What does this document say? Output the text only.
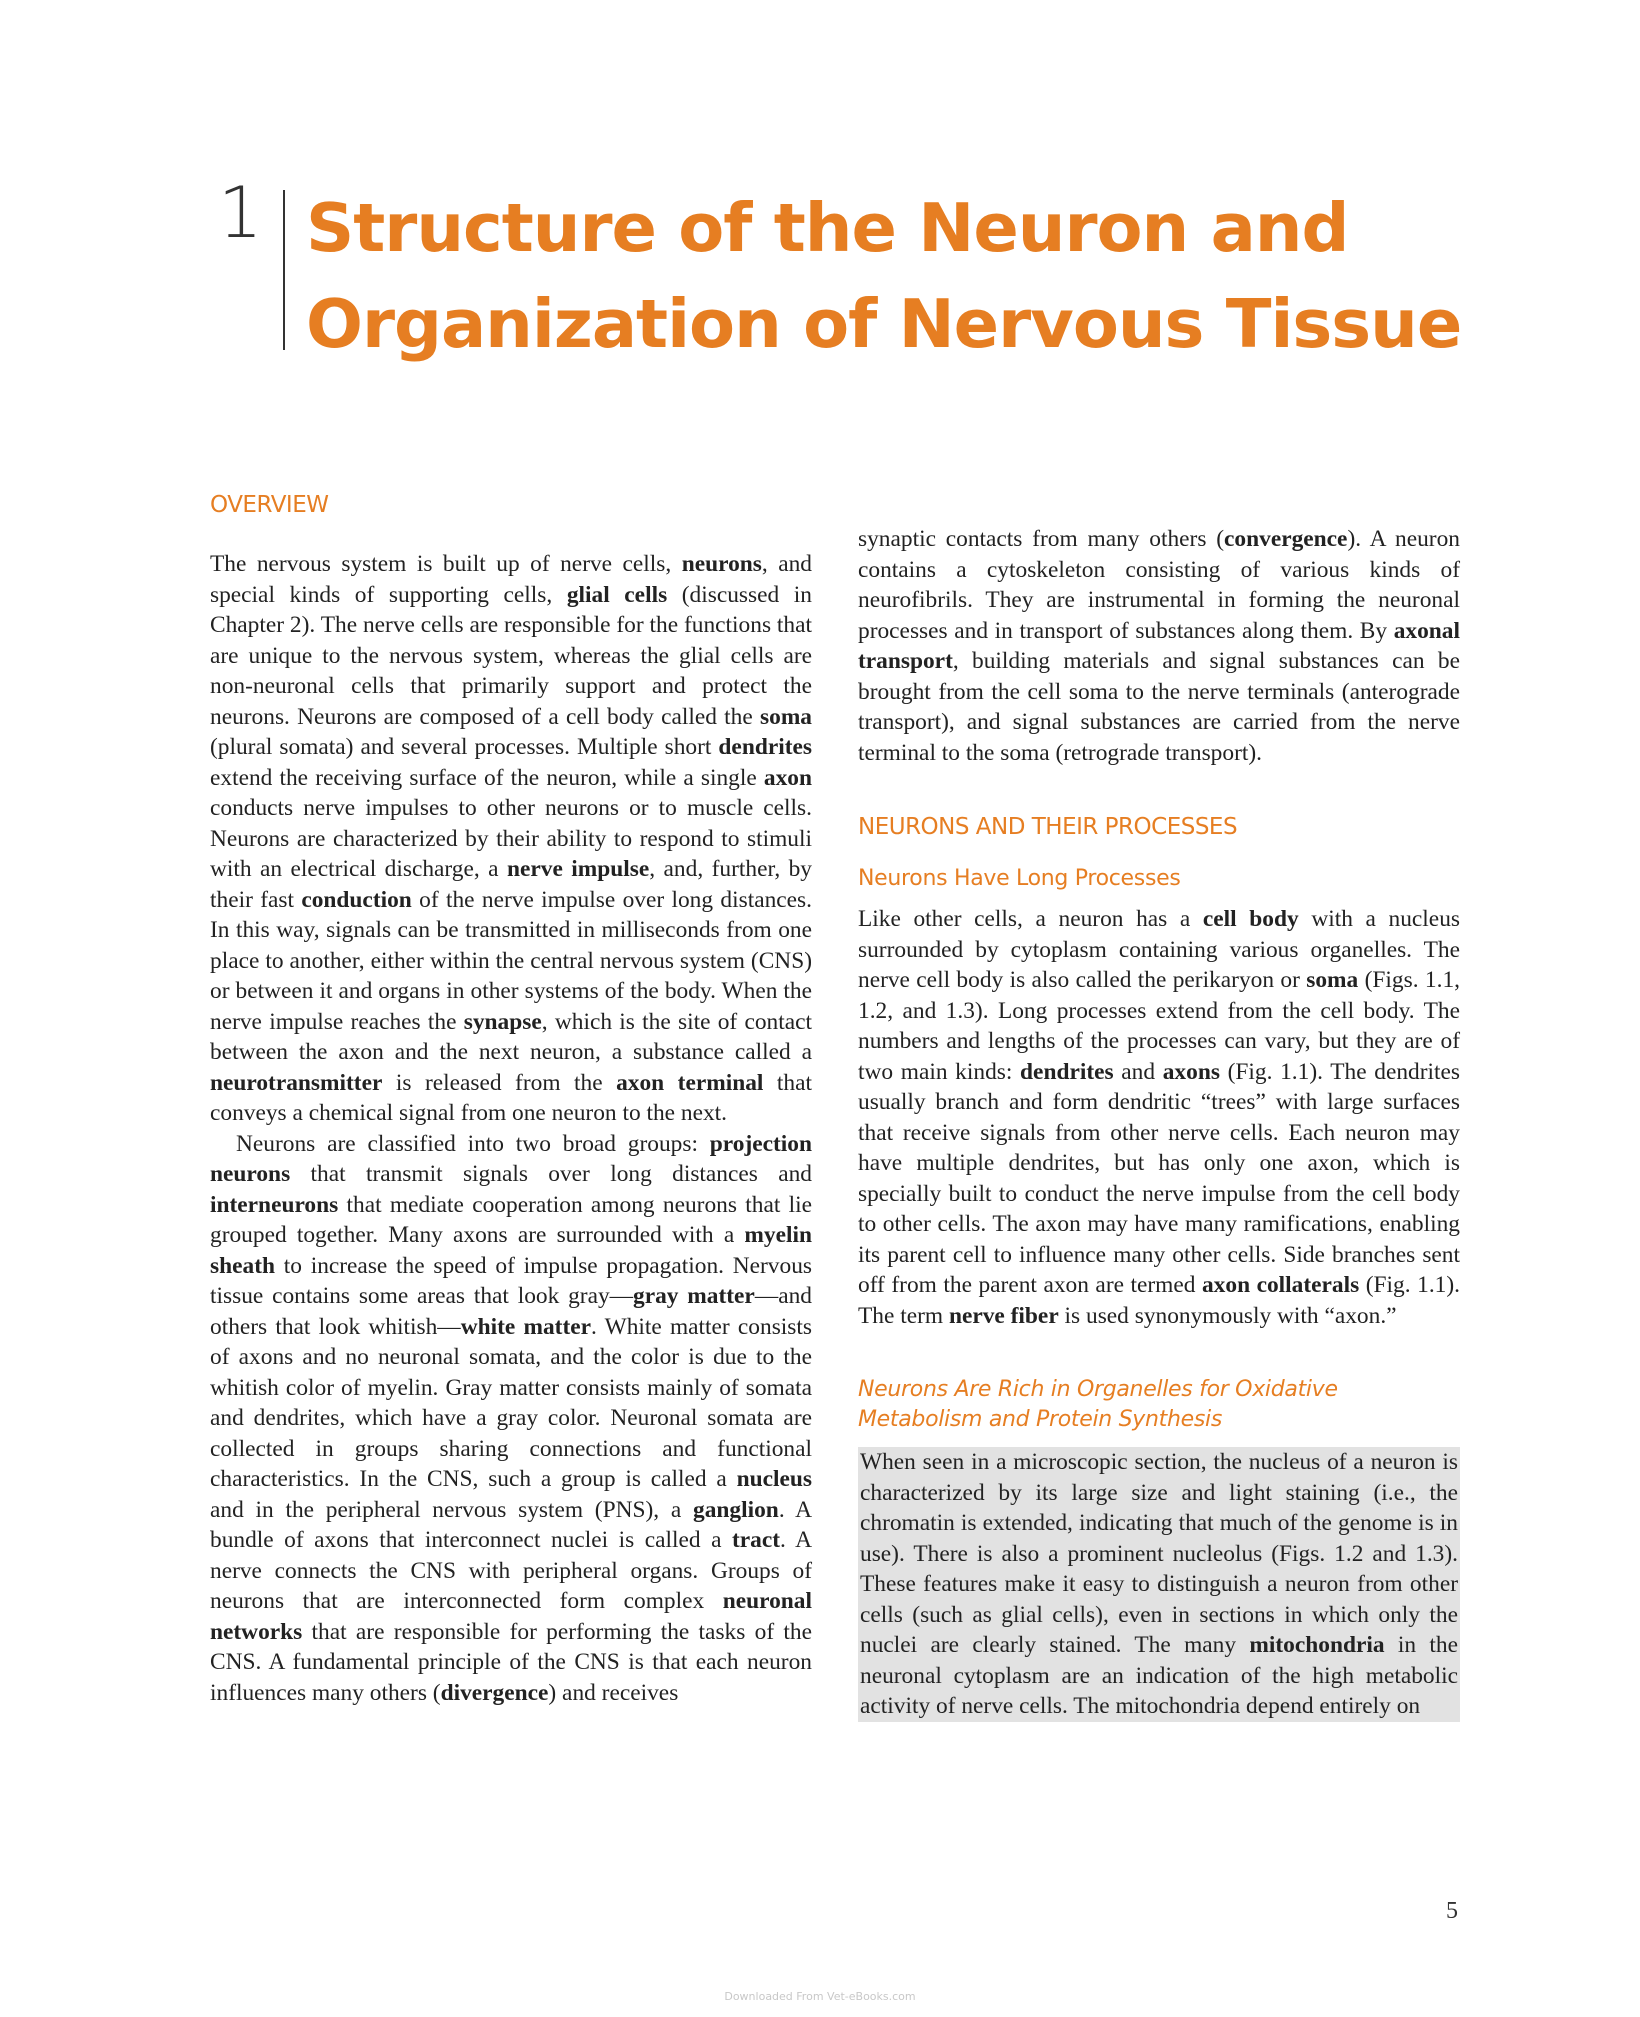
1 Structure of the Neuron and
Organization of Nervous Tissue
OVERVIEW

The nervous system is built up of nerve cells, neurons, and special kinds of supporting cells, glial cells (discussed in Chapter 2). The nerve cells are responsible for the functions that are unique to the nervous system, whereas the glial cells are non-neuronal cells that primarily support and protect the neurons. Neurons are composed of a cell body called the soma (plural somata) and several processes. Multiple short dendrites extend the receiving surface of the neuron, while a single axon conducts nerve impulses to other neurons or to muscle cells. Neurons are characterized by their ability to respond to stimuli with an electrical discharge, a nerve impulse, and, further, by their fast conduction of the nerve impulse over long distances. In this way, signals can be transmitted in milliseconds from one place to another, either within the central nervous system (CNS) or between it and organs in other systems of the body. When the nerve impulse reaches the synapse, which is the site of contact between the axon and the next neuron, a substance called a neurotransmitter is released from the axon terminal that conveys a chemical signal from one neuron to the next.

Neurons are classified into two broad groups: projection neurons that transmit signals over long distances and interneurons that mediate cooperation among neurons that lie grouped together. Many axons are surrounded with a myelin sheath to increase the speed of impulse propagation. Nervous tissue contains some areas that look gray—gray matter—and others that look whitish—white matter. White matter consists of axons and no neuronal somata, and the color is due to the whitish color of myelin. Gray matter consists mainly of somata and dendrites, which have a gray color. Neuronal somata are collected in groups sharing connections and functional characteristics. In the CNS, such a group is called a nucleus and in the peripheral nervous system (PNS), a ganglion. A bundle of axons that interconnect nuclei is called a tract. A nerve connects the CNS with peripheral organs. Groups of neurons that are interconnected form complex neuronal networks that are responsible for performing the tasks of the CNS. A fundamental principle of the CNS is that each neuron influences many others (divergence) and receives

synaptic contacts from many others (convergence). A neuron contains a cytoskeleton consisting of various kinds of neurofibrils. They are instrumental in forming the neuronal processes and in transport of substances along them. By axonal transport, building materials and signal substances can be brought from the cell soma to the nerve terminals (anterograde transport), and signal substances are carried from the nerve terminal to the soma (retrograde transport).

NEURONS AND THEIR PROCESSES
Neurons Have Long Processes

Like other cells, a neuron has a cell body with a nucleus surrounded by cytoplasm containing various organelles. The nerve cell body is also called the perikaryon or soma (Figs. 1.1, 1.2, and 1.3). Long processes extend from the cell body. The numbers and lengths of the processes can vary, but they are of two main kinds: dendrites and axons (Fig. 1.1). The dendrites usually branch and form dendritic “trees” with large surfaces that receive signals from other nerve cells. Each neuron may have multiple dendrites, but has only one axon, which is specially built to conduct the nerve impulse from the cell body to other cells. The axon may have many ramifications, enabling its parent cell to influence many other cells. Side branches sent off from the parent axon are termed axon collaterals (Fig. 1.1). The term nerve fiber is used synonymously with “axon.”

Neurons Are Rich in Organelles for Oxidative
Metabolism and Protein Synthesis

When seen in a microscopic section, the nucleus of a neuron is characterized by its large size and light staining (i.e., the chromatin is extended, indicating that much of the genome is in use). There is also a prominent nucleolus (Figs. 1.2 and 1.3). These features make it easy to distinguish a neuron from other cells (such as glial cells), even in sections in which only the nuclei are clearly stained. The many mitochondria in the neuronal cytoplasm are an indication of the high metabolic activity of nerve cells. The mitochondria depend entirely on

5
Downloaded From Vet-eBooks.com
